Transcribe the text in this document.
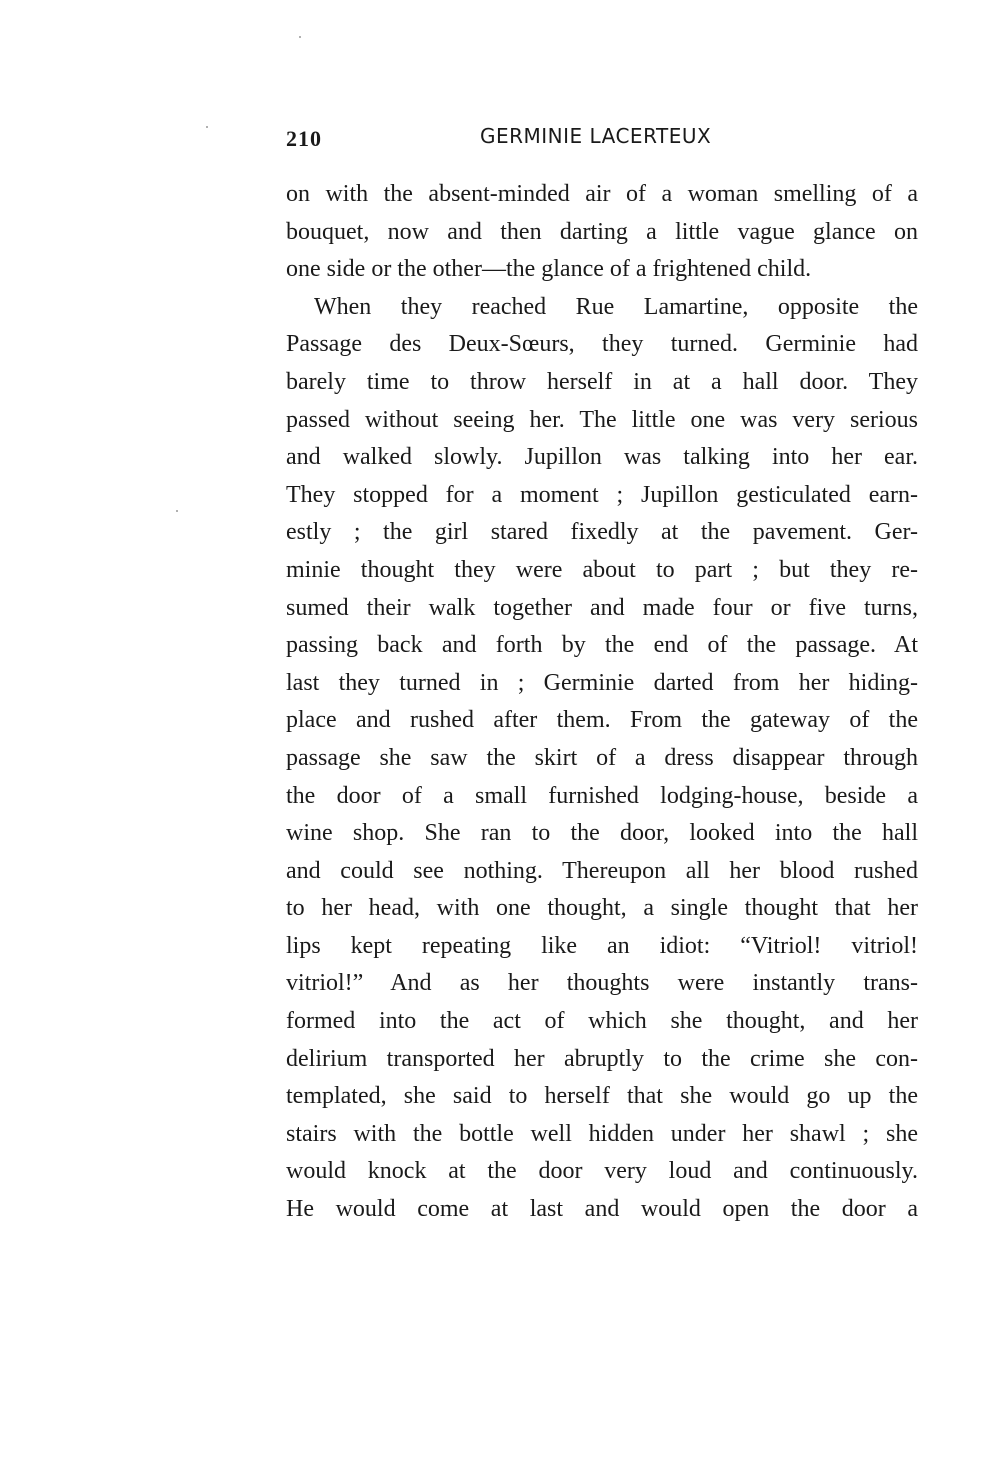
210	GERMINIE LACERTEUX
on with the absent-minded air of a woman smelling of a
bouquet, now and then darting a little vague glance on
one side or the other—the glance of a frightened child.
When they reached Rue Lamartine, opposite the
Passage des Deux-Sœurs, they turned. Germinie had
barely time to throw herself in at a hall door. They
passed without seeing her. The little one was very serious
and walked slowly. Jupillon was talking into her ear.
They stopped for a moment ; Jupillon gesticulated earn-
estly ; the girl stared fixedly at the pavement. Ger-
minie thought they were about to part ; but they re-
sumed their walk together and made four or five turns,
passing back and forth by the end of the passage. At
last they turned in ; Germinie darted from her hiding-
place and rushed after them. From the gateway of the
passage she saw the skirt of a dress disappear through
the door of a small furnished lodging-house, beside a
wine shop. She ran to the door, looked into the hall
and could see nothing. Thereupon all her blood rushed
to her head, with one thought, a single thought that her
lips kept repeating like an idiot: “Vitriol! vitriol!
vitriol!” And as her thoughts were instantly trans-
formed into the act of which she thought, and her
delirium transported her abruptly to the crime she con-
templated, she said to herself that she would go up the
stairs with the bottle well hidden under her shawl ; she
would knock at the door very loud and continuously.
He would come at last and would open the door a
